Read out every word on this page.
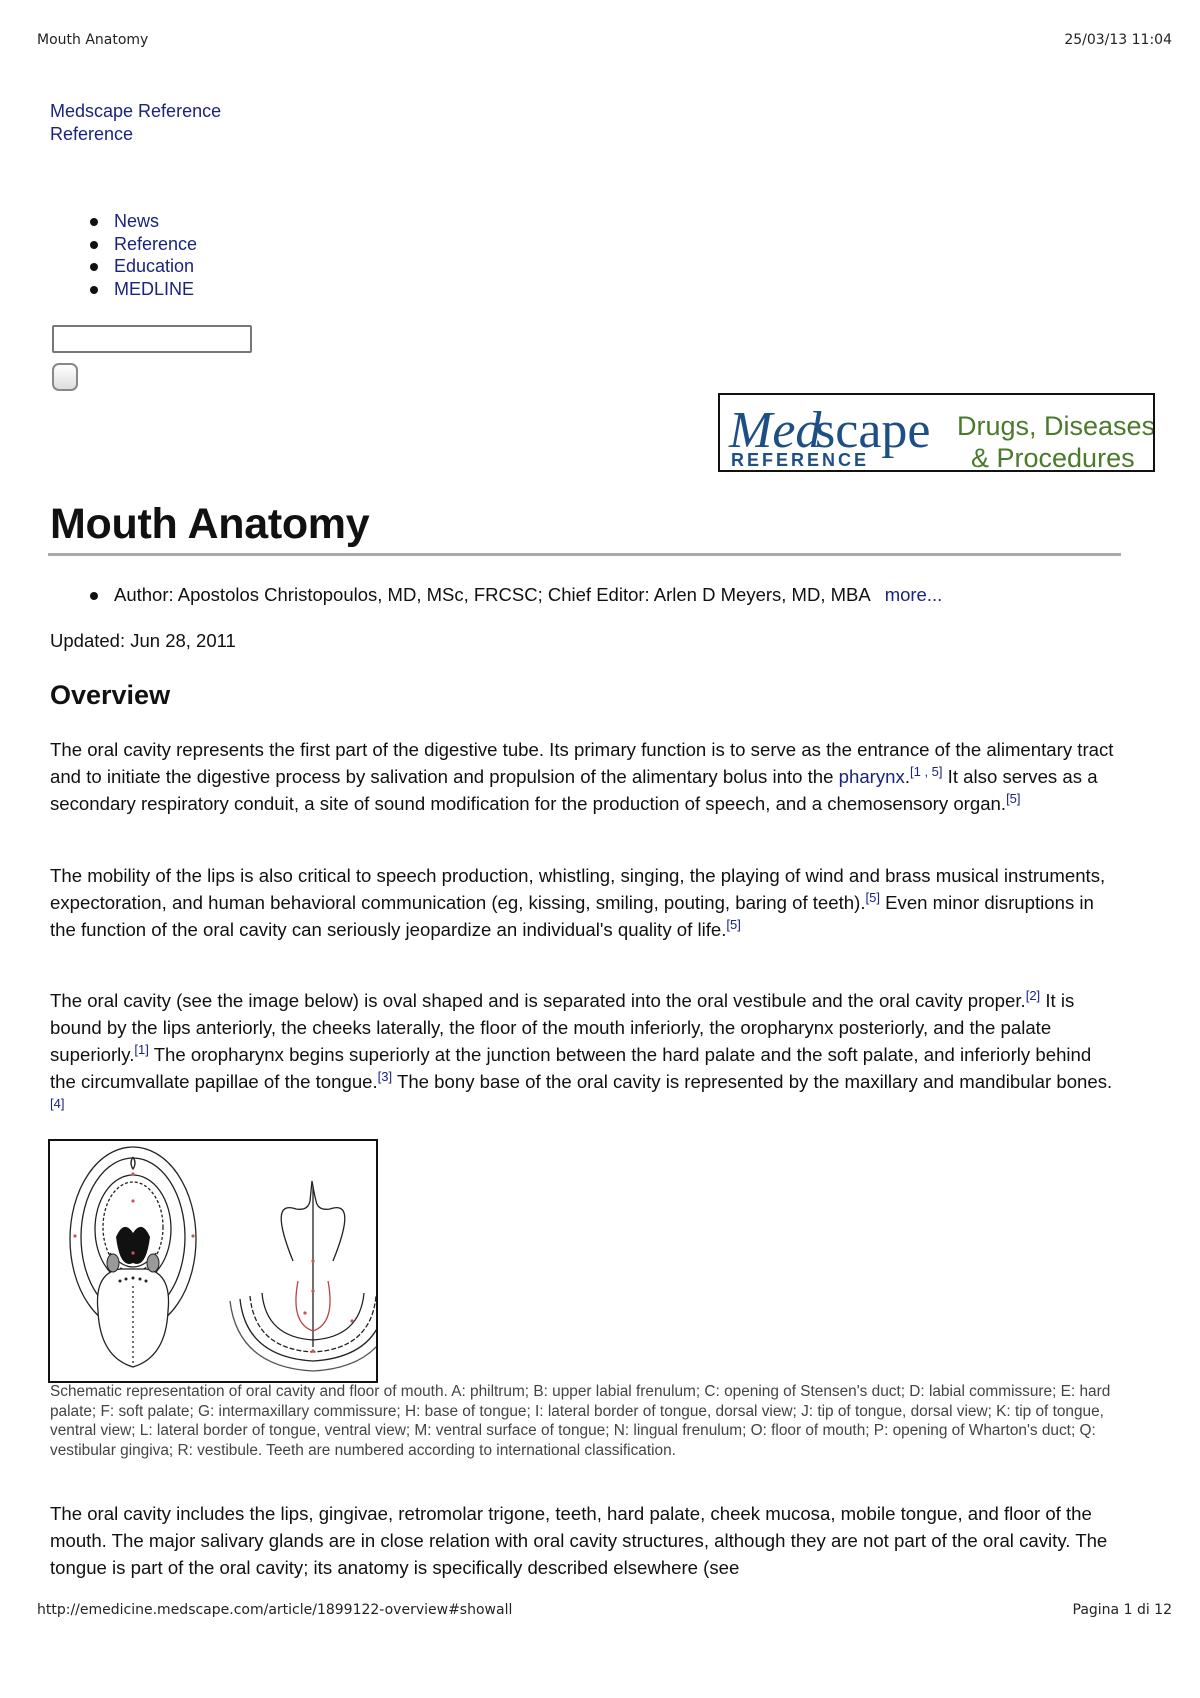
Mouth Anatomy	25/03/13 11:04
Medscape Reference
Reference
News
Reference
Education
MEDLINE
Med
scape
REFERENCE
Drugs, Diseases
& Procedures
Mouth Anatomy
Author: Apostolos Christopoulos, MD, MSc, FRCSC; Chief Editor: Arlen D Meyers, MD, MBA more...
Updated: Jun 28, 2011
Overview

The oral cavity represents the first part of the digestive tube. Its primary function is to serve as the entrance of the alimentary tract and to initiate the digestive process by salivation and propulsion of the alimentary bolus into the pharynx.[1 , 5] It also serves as a secondary respiratory conduit, a site of sound modification for the production of speech, and a chemosensory organ.[5]

The mobility of the lips is also critical to speech production, whistling, singing, the playing of wind and brass musical instruments, expectoration, and human behavioral communication (eg, kissing, smiling, pouting, baring of teeth).[5] Even minor disruptions in the function of the oral cavity can seriously jeopardize an individual's quality of life.[5]

The oral cavity (see the image below) is oval shaped and is separated into the oral vestibule and the oral cavity proper.[2] It is bound by the lips anteriorly, the cheeks laterally, the floor of the mouth inferiorly, the oropharynx posteriorly, and the palate superiorly.[1] The oropharynx begins superiorly at the junction between the hard palate and the soft palate, and inferiorly behind the circumvallate papillae of the tongue.[3] The bony base of the oral cavity is represented by the maxillary and mandibular bones.[4]

Schematic representation of oral cavity and floor of mouth. A: philtrum; B: upper labial frenulum; C: opening of Stensen's duct; D: labial commissure; E: hard palate; F: soft palate; G: intermaxillary commissure; H: base of tongue; I: lateral border of tongue, dorsal view; J: tip of tongue, dorsal view; K: tip of tongue, ventral view; L: lateral border of tongue, ventral view; M: ventral surface of tongue; N: lingual frenulum; O: floor of mouth; P: opening of Wharton's duct; Q: vestibular gingiva; R: vestibule. Teeth are numbered according to international classification.

The oral cavity includes the lips, gingivae, retromolar trigone, teeth, hard palate, cheek mucosa, mobile tongue, and floor of the mouth. The major salivary glands are in close relation with oral cavity structures, although they are not part of the oral cavity. The tongue is part of the oral cavity; its anatomy is specifically described elsewhere (see

http://emedicine.medscape.com/article/1899122-overview#showall	Pagina 1 di 12
